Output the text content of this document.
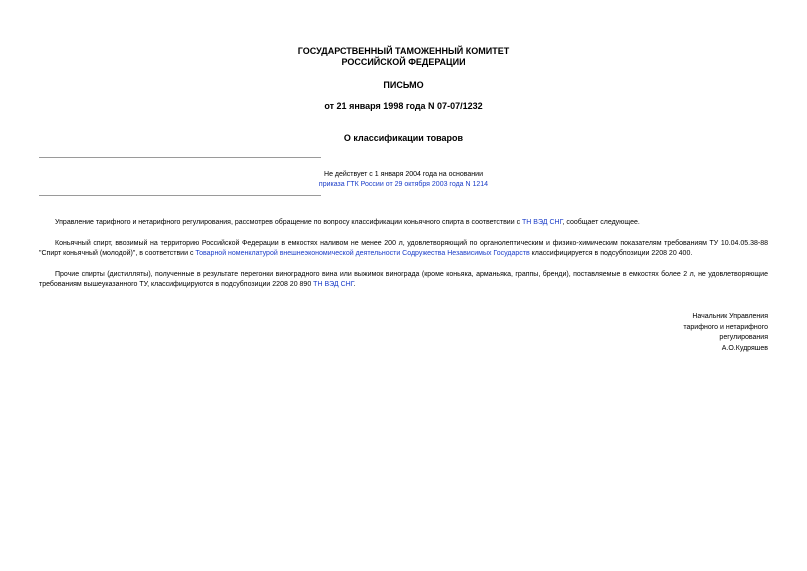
ГОСУДАРСТВЕННЫЙ ТАМОЖЕННЫЙ КОМИТЕТ
РОССИЙСКОЙ ФЕДЕРАЦИИ
ПИСЬМО
от 21 января 1998 года N 07-07/1232
О классификации товаров
Не действует с 1 января 2004 года на основании
приказа ГТК России от 29 октября 2003 года N 1214
Управление тарифного и нетарифного регулирования, рассмотрев обращение по вопросу классификации коньячного спирта в соответствии с ТН ВЭД СНГ, сообщает следующее.
Коньячный спирт, ввозимый на территорию Российской Федерации в емкостях наливом не менее 200 л, удовлетворяющий по органолептическим и физико-химическим показателям требованиям ТУ 10.04.05.38-88 "Спирт коньячный (молодой)", в соответствии с Товарной номенклатурой внешнеэкономической деятельности Содружества Независимых Государств классифицируется в подсубпозиции 2208 20 400.
Прочие спирты (дистилляты), полученные в результате перегонки виноградного вина или выжимок винограда (кроме коньяка, арманьяка, граппы, бренди), поставляемые в емкостях более 2 л, не удовлетворяющие требованиям вышеуказанного ТУ, классифицируются в подсубпозиции 2208 20 890 ТН ВЭД СНГ.
Начальник Управления
тарифного и нетарифного
регулирования
А.О.Кудряшев
